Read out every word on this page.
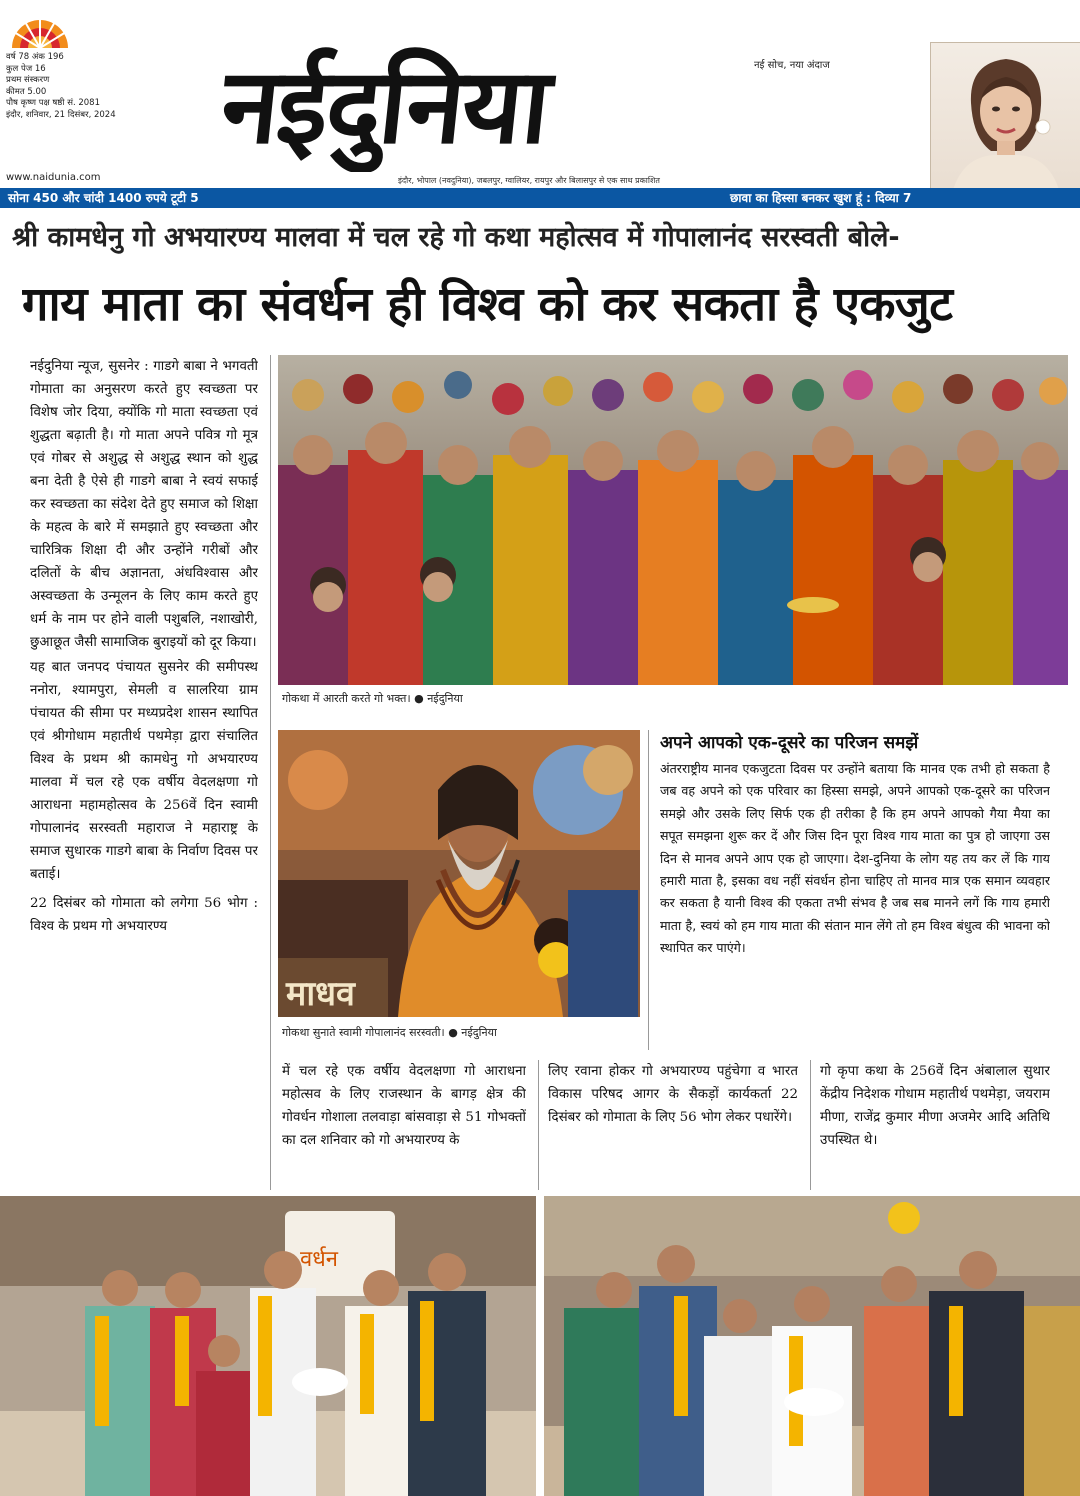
वर्ष 78 अंक 196
कुल पेज 16
प्रथम संस्करण
कीमत 5.00
पौष कृष्ण पक्ष षष्ठी सं. 2081
इंदौर, शनिवार, 21 दिसंबर, 2024
www.naidunia.com
नईदुनिया	नई सोच, नया अंदाज
इंदौर, भोपाल (नवदुनिया), जबलपुर, ग्वालियर, रायपुर और बिलासपुर से एक साथ प्रकाशित
सोना 450 और चांदी 1400 रुपये टूटी 5	छावा का हिस्सा बनकर खुश हूं : दिव्या 7
श्री कामधेनु गो अभयारण्य मालवा में चल रहे गो कथा महोत्सव में गोपालानंद सरस्वती बोले-
गाय माता का संवर्धन ही विश्व को कर सकता है एकजुट

नईदुनिया न्यूज, सुसनेर : गाडगे बाबा ने भगवती गोमाता का अनुसरण करते हुए स्वच्छता पर विशेष जोर दिया, क्योंकि गो माता स्वच्छता एवं शुद्धता बढ़ाती है। गो माता अपने पवित्र गो मूत्र एवं गोबर से अशुद्ध से अशुद्ध स्थान को शुद्ध बना देती है ऐसे ही गाडगे बाबा ने स्वयं सफाई कर स्वच्छता का संदेश देते हुए समाज को शिक्षा के महत्व के बारे में समझाते हुए स्वच्छता और चारित्रिक शिक्षा दी और उन्होंने गरीबों और दलितों के बीच अज्ञानता, अंधविश्वास और अस्वच्छता के उन्मूलन के लिए काम करते हुए धर्म के नाम पर होने वाली पशुबलि, नशाखोरी, छुआछूत जैसी सामाजिक बुराइयों को दूर किया।

यह बात जनपद पंचायत सुसनेर की समीपस्थ ननोरा, श्यामपुरा, सेमली व सालरिया ग्राम पंचायत की सीमा पर मध्यप्रदेश शासन स्थापित एवं श्रीगोधाम महातीर्थ पथमेड़ा द्वारा संचालित विश्व के प्रथम श्री कामधेनु गो अभयारण्य मालवा में चल रहे एक वर्षीय वेदलक्षणा गो आराधना महामहोत्सव के 256वें दिन स्वामी गोपालानंद सरस्वती महाराज ने महाराष्ट्र के समाज सुधारक गाडगे बाबा के निर्वाण दिवस पर बताई।

22 दिसंबर को गोमाता को लगेगा 56 भोग : विश्व के प्रथम गो अभयारण्य

गोकथा में आरती करते गो भक्त। ● नईदुनिया
माधव
गोकथा सुनाते स्वामी गोपालानंद सरस्वती। ● नईदुनिया
अपने आपको एक-दूसरे का परिजन समझें
अंतरराष्ट्रीय मानव एकजुटता दिवस पर उन्होंने बताया कि मानव एक तभी हो सकता है जब वह अपने को एक परिवार का हिस्सा समझे, अपने आपको एक-दूसरे का परिजन समझे और उसके लिए सिर्फ एक ही तरीका है कि हम अपने आपको गैया मैया का सपूत समझना शुरू कर दें और जिस दिन पूरा विश्व गाय माता का पुत्र हो जाएगा उस दिन से मानव अपने आप एक हो जाएगा। देश-दुनिया के लोग यह तय कर लें कि गाय हमारी माता है, इसका वध नहीं संवर्धन होना चाहिए तो मानव मात्र एक समान व्यवहार कर सकता है यानी विश्व की एकता तभी संभव है जब सब मानने लगें कि गाय हमारी माता है, स्वयं को हम गाय माता की संतान मान लेंगे तो हम विश्व बंधुत्व की भावना को स्थापित कर पाएंगे।
में चल रहे एक वर्षीय वेदलक्षणा गो आराधना महोत्सव के लिए राजस्थान के बागड़ क्षेत्र की गोवर्धन गोशाला तलवाड़ा बांसवाड़ा से 51 गोभक्तों का दल शनिवार को गो अभयारण्य के
लिए रवाना होकर गो अभयारण्य पहुंचेगा व भारत विकास परिषद आगर के सैकड़ों कार्यकर्ता 22 दिसंबर को गोमाता के लिए 56 भोग लेकर पधारेंगे।
गो कृपा कथा के 256वें दिन अंबालाल सुथार केंद्रीय निदेशक गोधाम महातीर्थ पथमेड़ा, जयराम मीणा, राजेंद्र कुमार मीणा अजमेर आदि अतिथि उपस्थित थे।
वर्धन
